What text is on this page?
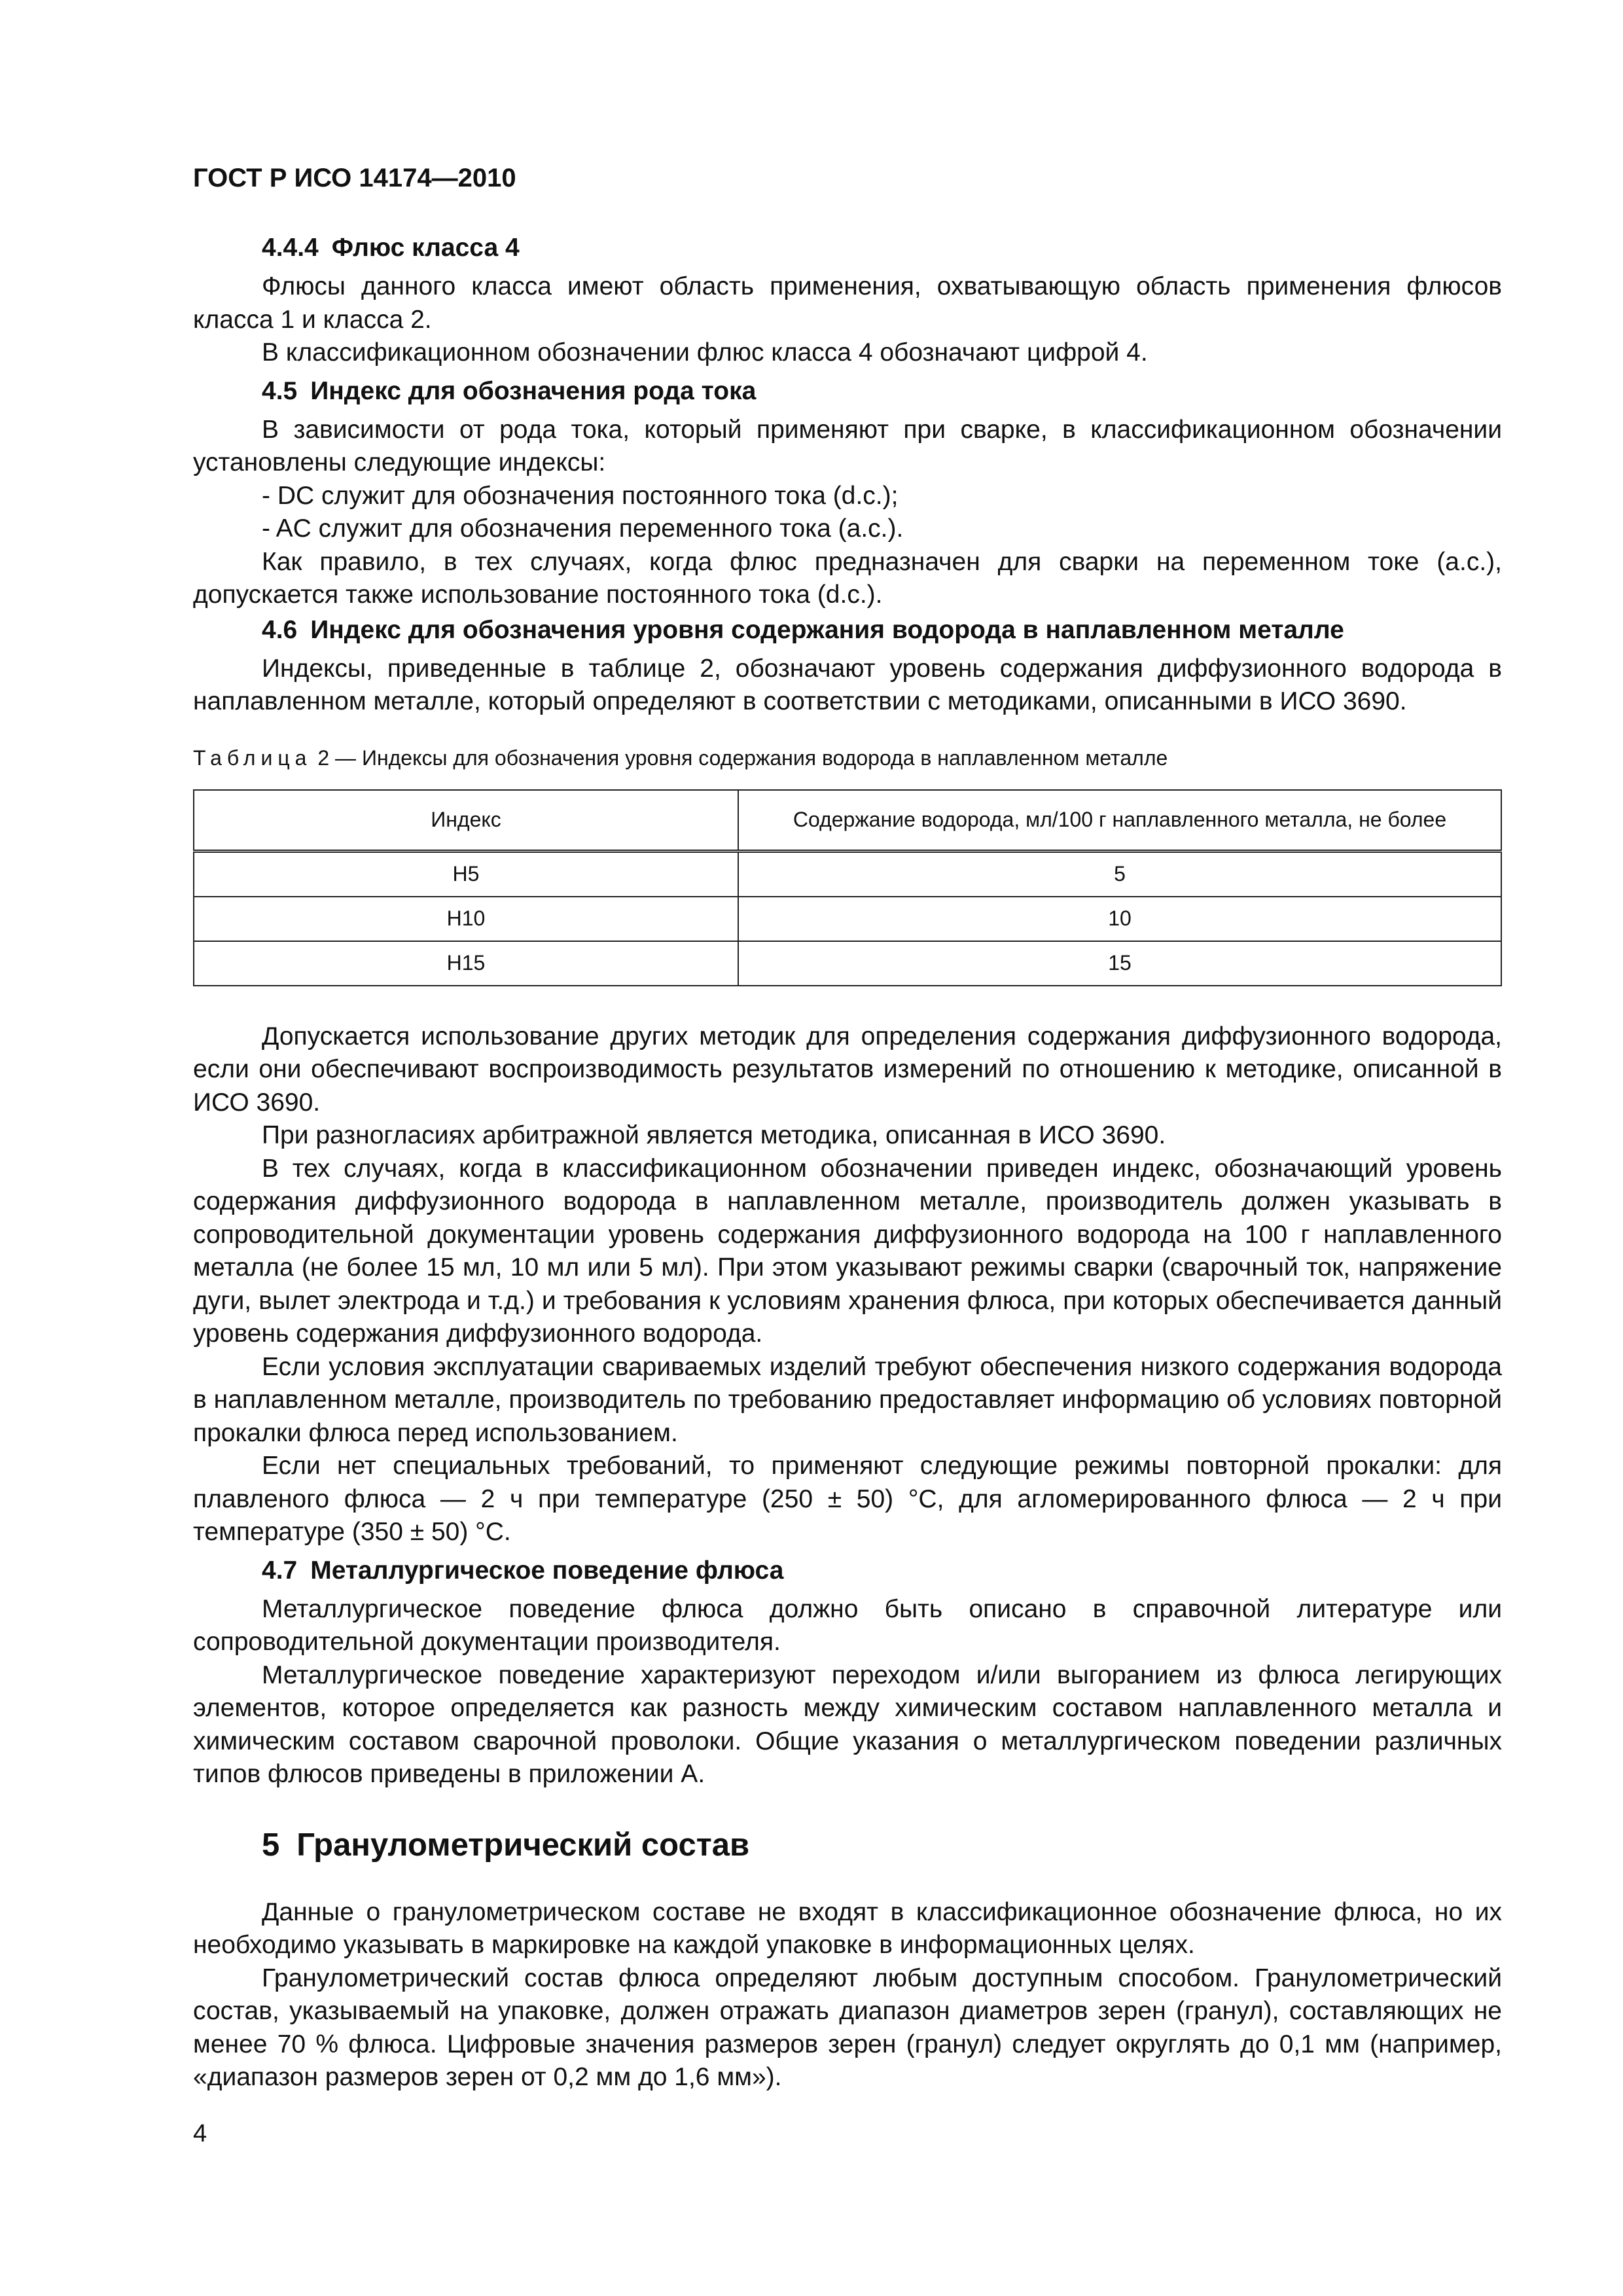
ГОСТ Р ИСО 14174—2010
4.4.4 Флюс класса 4

Флюсы данного класса имеют область применения, охватывающую область применения флюсов класса 1 и класса 2.

В классификационном обозначении флюс класса 4 обозначают цифрой 4.

4.5 Индекс для обозначения рода тока

В зависимости от рода тока, который применяют при сварке, в классификационном обозначении установлены следующие индексы:

- DC служит для обозначения постоянного тока (d.c.);

- AC служит для обозначения переменного тока (a.c.).

Как правило, в тех случаях, когда флюс предназначен для сварки на переменном токе (a.c.), допускается также использование постоянного тока (d.c.).

4.6 Индекс для обозначения уровня содержания водорода в наплавленном металле

Индексы, приведенные в таблице 2, обозначают уровень содержания диффузионного водорода в наплавленном металле, который определяют в соответствии с методиками, описанными в ИСО 3690.

Таблица 2 — Индексы для обозначения уровня содержания водорода в наплавленном металле

Индекс	Содержание водорода, мл/100 г наплавленного металла, не более
H5	5
H10	10
H15	15

Допускается использование других методик для определения содержания диффузионного водорода, если они обеспечивают воспроизводимость результатов измерений по отношению к методике, описанной в ИСО 3690.

При разногласиях арбитражной является методика, описанная в ИСО 3690.

В тех случаях, когда в классификационном обозначении приведен индекс, обозначающий уровень содержания диффузионного водорода в наплавленном металле, производитель должен указывать в сопроводительной документации уровень содержания диффузионного водорода на 100 г наплавленного металла (не более 15 мл, 10 мл или 5 мл). При этом указывают режимы сварки (сварочный ток, напряжение дуги, вылет электрода и т.д.) и требования к условиям хранения флюса, при которых обеспечивается данный уровень содержания диффузионного водорода.

Если условия эксплуатации свариваемых изделий требуют обеспечения низкого содержания водорода в наплавленном металле, производитель по требованию предоставляет информацию об условиях повторной прокалки флюса перед использованием.

Если нет специальных требований, то применяют следующие режимы повторной прокалки: для плавленого флюса — 2 ч при температуре (250 ± 50) °С, для агломерированного флюса — 2 ч при температуре (350 ± 50) °С.

4.7 Металлургическое поведение флюса

Металлургическое поведение флюса должно быть описано в справочной литературе или сопроводительной документации производителя.

Металлургическое поведение характеризуют переходом и/или выгоранием из флюса легирующих элементов, которое определяется как разность между химическим составом наплавленного металла и химическим составом сварочной проволоки. Общие указания о металлургическом поведении различных типов флюсов приведены в приложении А.

5 Гранулометрический состав

Данные о гранулометрическом составе не входят в классификационное обозначение флюса, но их необходимо указывать в маркировке на каждой упаковке в информационных целях.

Гранулометрический состав флюса определяют любым доступным способом. Гранулометрический состав, указываемый на упаковке, должен отражать диапазон диаметров зерен (гранул), составляющих не менее 70 % флюса. Цифровые значения размеров зерен (гранул) следует округлять до 0,1 мм (например, «диапазон размеров зерен от 0,2 мм до 1,6 мм»).

4
